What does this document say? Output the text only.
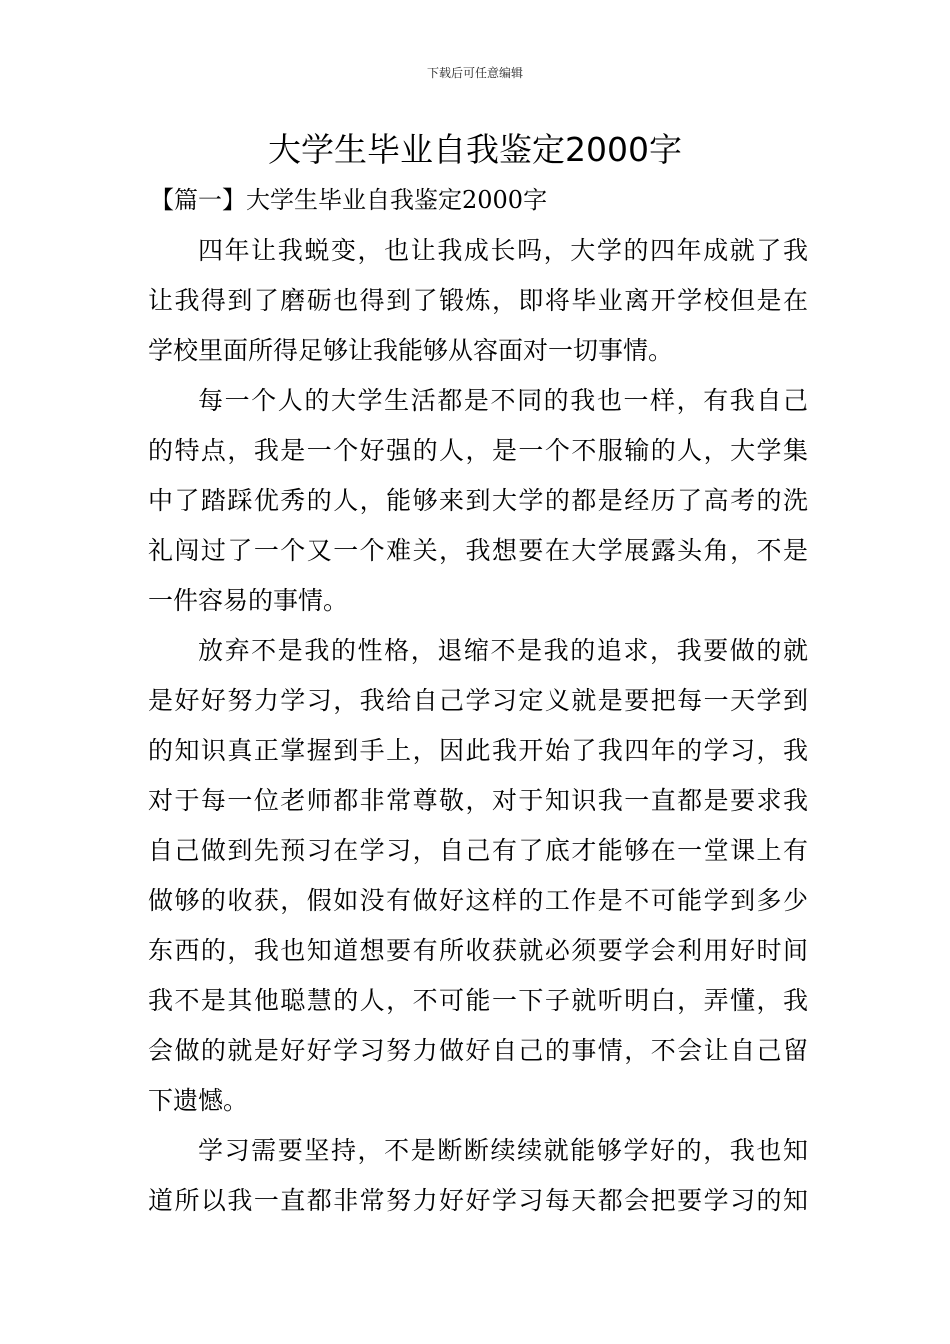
下载后可任意编辑
大学生毕业自我鉴定2000字
【篇一】大学生毕业自我鉴定2000字
四年让我蜕变，也让我成长吗，大学的四年成就了我
让我得到了磨砺也得到了锻炼，即将毕业离开学校但是在
学校里面所得足够让我能够从容面对一切事情。
每一个人的大学生活都是不同的我也一样，有我自己
的特点，我是一个好强的人，是一个不服输的人，大学集
中了踏踩优秀的人，能够来到大学的都是经历了高考的洗
礼闯过了一个又一个难关，我想要在大学展露头角，不是
一件容易的事情。
放弃不是我的性格，退缩不是我的追求，我要做的就
是好好努力学习，我给自己学习定义就是要把每一天学到
的知识真正掌握到手上，因此我开始了我四年的学习，我
对于每一位老师都非常尊敬，对于知识我一直都是要求我
自己做到先预习在学习，自己有了底才能够在一堂课上有
做够的收获，假如没有做好这样的工作是不可能学到多少
东西的，我也知道想要有所收获就必须要学会利用好时间
我不是其他聪慧的人，不可能一下子就听明白，弄懂，我
会做的就是好好学习努力做好自己的事情，不会让自己留
下遗憾。
学习需要坚持，不是断断续续就能够学好的，我也知
道所以我一直都非常努力好好学习每天都会把要学习的知
